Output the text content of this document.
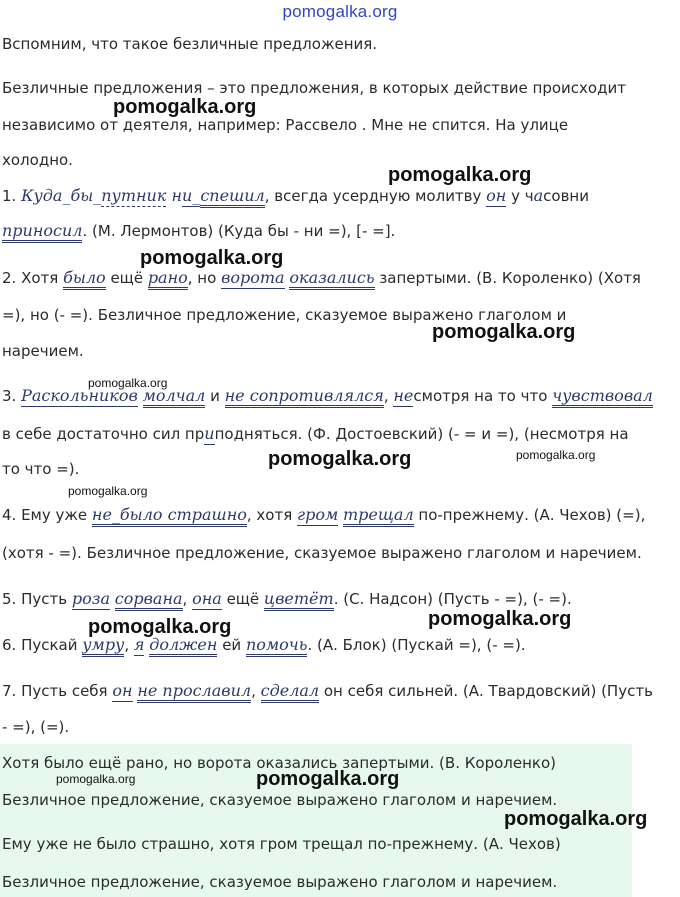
pomogalka.org
Вспомним, что такое безличные предложения.
Безличные предложения – это предложения, в которых действие происходит
независимо от деятеля, например: Рассвело . Мне не спится. На улице
холодно.
1. Куда_бы_путник ни_спешил, всегда усердную молитву он у часовни
приносил. (М. Лермонтов) (Куда бы - ни =), [- =].
2. Хотя было ещё рано, но ворота оказались запертыми. (В. Короленко) (Хотя
=), но (- =). Безличное предложение, сказуемое выражено глаголом и
наречием.
3. Раскольников молчал и не сопротивлялся, несмотря на то что чувствовал
в себе достаточно сил приподняться. (Ф. Достоевский) (- = и =), (несмотря на
то что =).
4. Ему уже не_было страшно, хотя гром трещал по-прежнему. (А. Чехов) (=),
(хотя - =). Безличное предложение, сказуемое выражено глаголом и наречием.
5. Пусть роза сорвана, она ещё цветёт. (С. Надсон) (Пусть - =), (- =).
6. Пускай умру, я должен ей помочь. (А. Блок) (Пускай =), (- =).
7. Пусть себя он не прославил, сделал он себя сильней. (А. Твардовский) (Пусть
- =), (=).
Хотя было ещё рано, но ворота оказались запертыми. (В. Короленко)
Безличное предложение, сказуемое выражено глаголом и наречием.
Ему уже не было страшно, хотя гром трещал по-прежнему. (А. Чехов)
Безличное предложение, сказуемое выражено глаголом и наречием.
pomogalka.org
pomogalka.org
pomogalka.org
pomogalka.org
pomogalka.org
pomogalka.org	pomogalka.org
pomogalka.org
pomogalka.org
pomogalka.org
pomogalka.org	pomogalka.org
pomogalka.org
